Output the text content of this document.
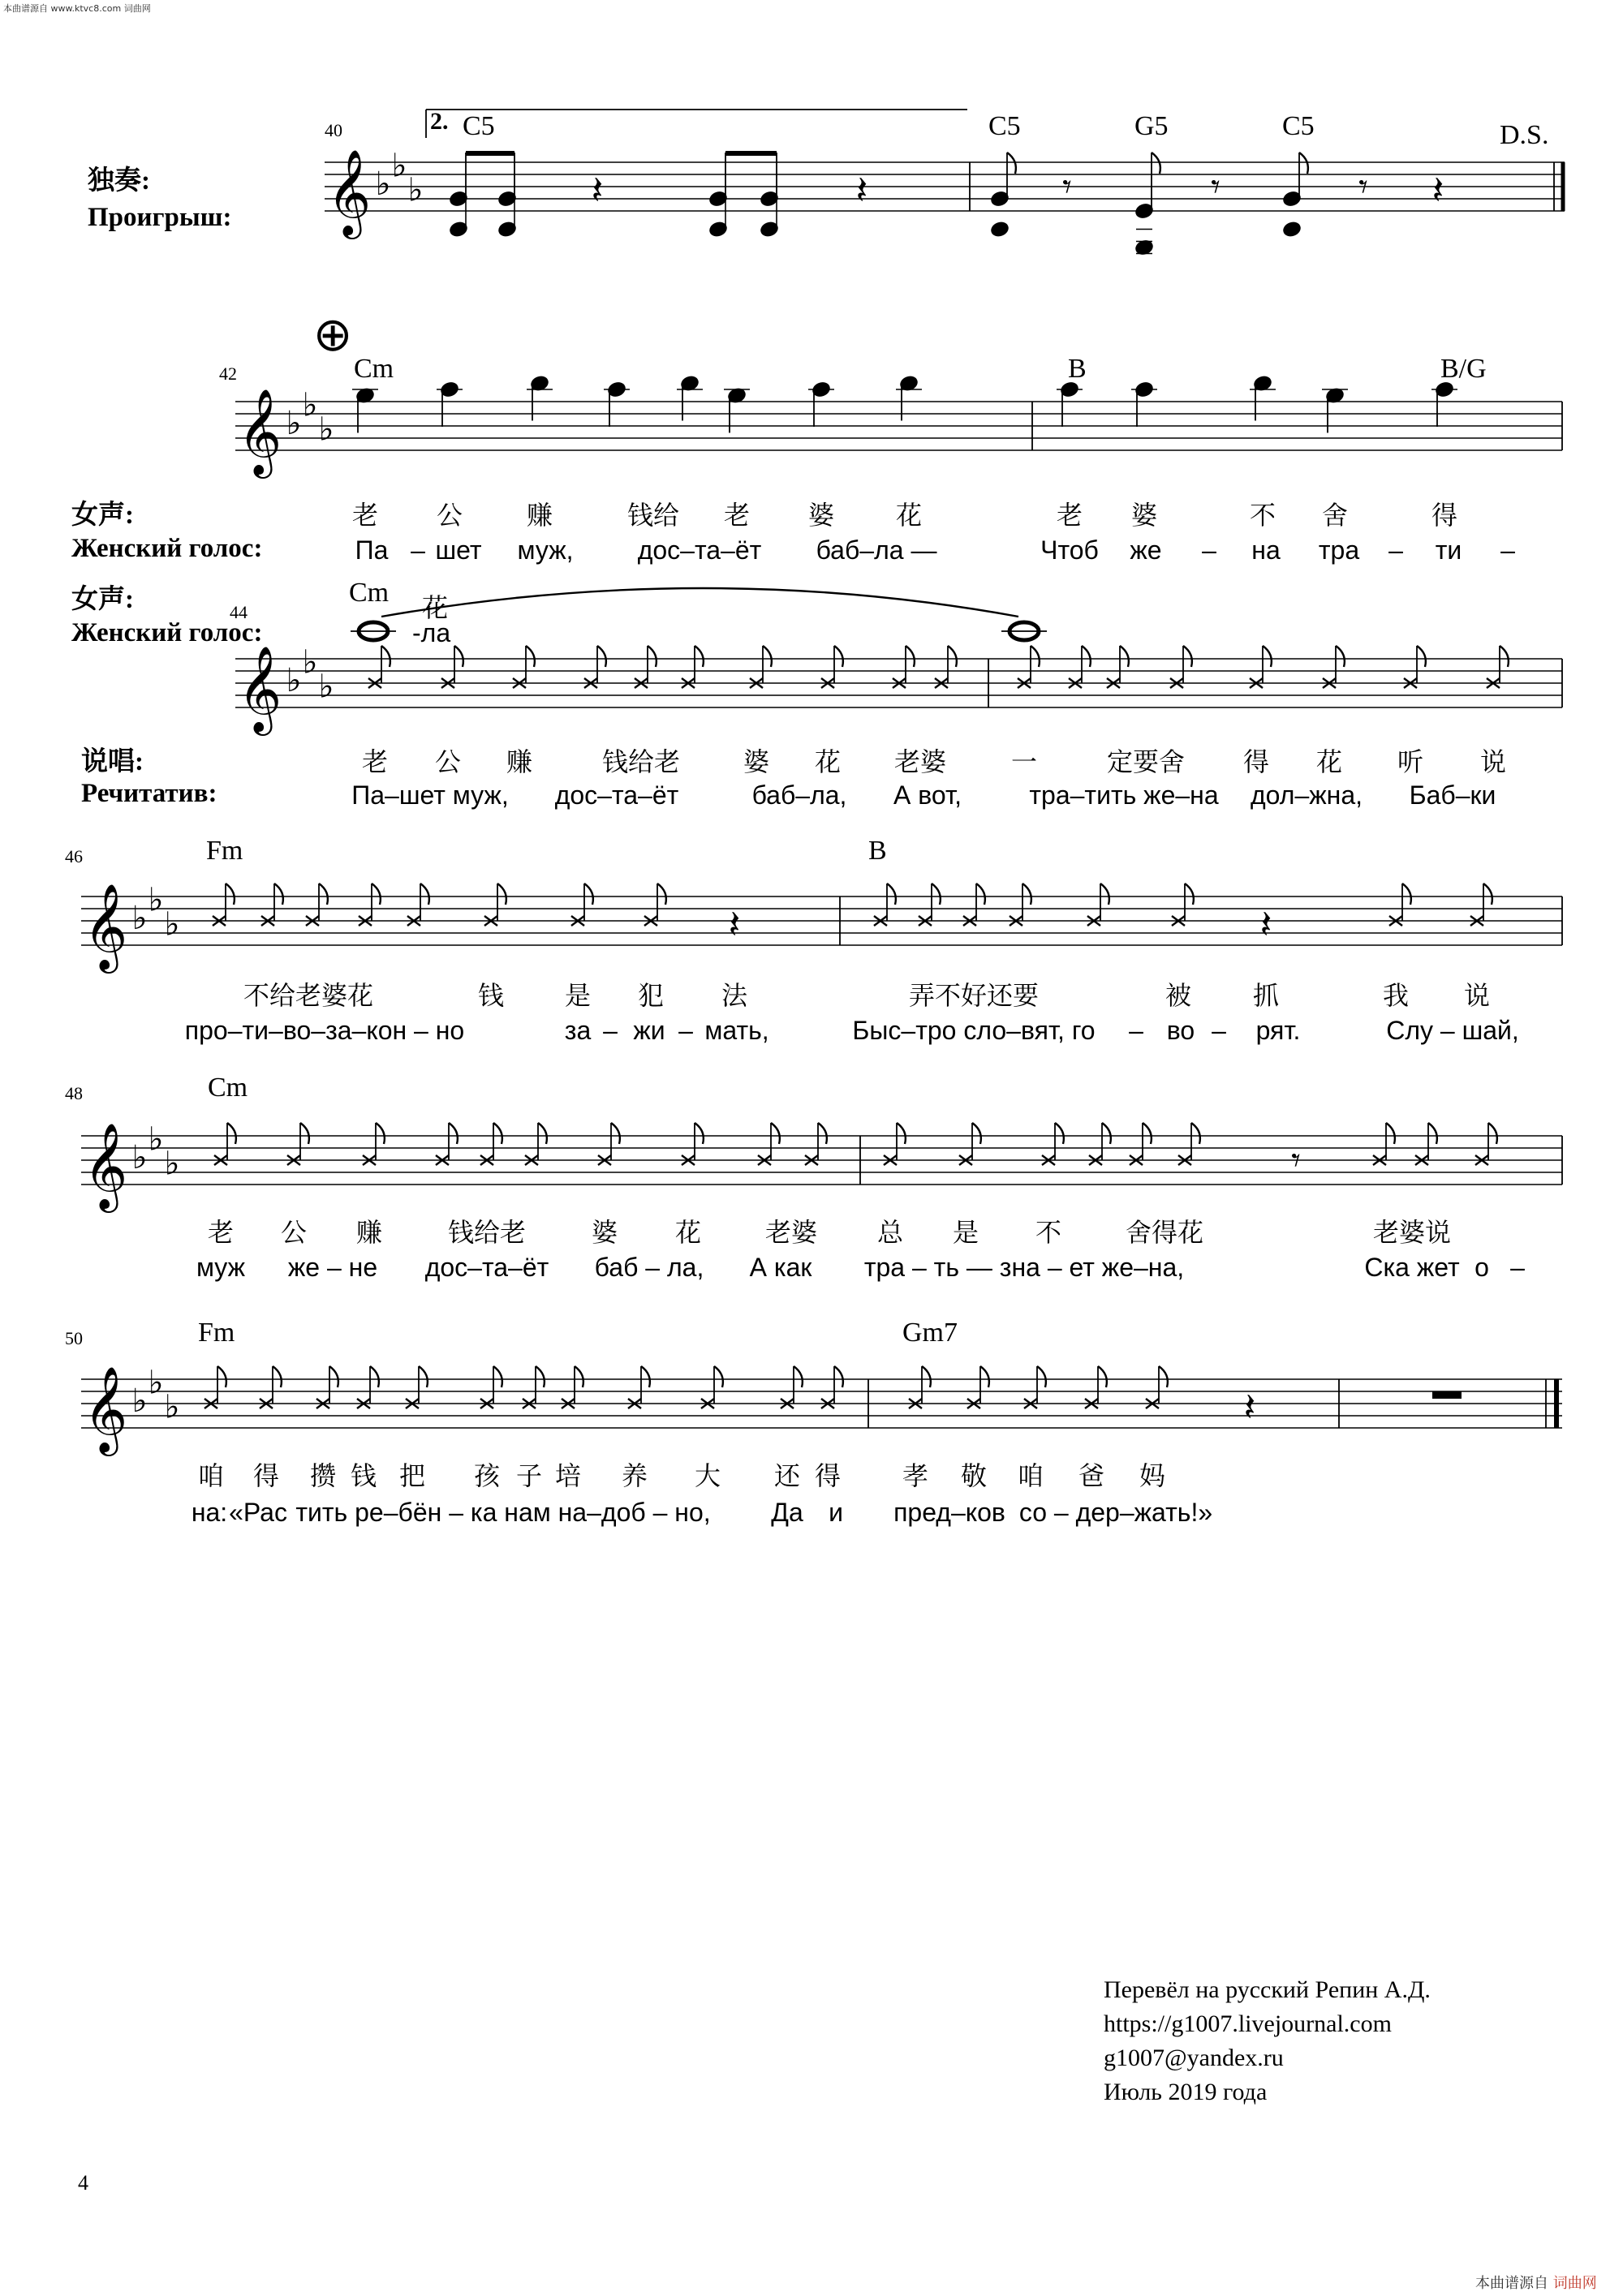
本曲谱源自 www.ktvc8.com 词曲网
本曲谱源自 词曲网
𝄞 ♭ ♭
♭	𝄽	𝄽	𝄾	𝄾	𝄾 𝄽
𝄞 ♭ ♭
♭
⊕
𝄞 ♭ ♭
♭
𝄞 ♭ ♭
♭	𝄽	𝄽
𝄞 ♭ ♭
♭	𝄾
𝄞 ♭ ♭
♭	𝄽
40
独奏:
Проигрыш:
2. C5	C5	G5	C5	D.S.
42	Cm	B	B/G
女声:
Женский голос:
老 公 赚	钱给 老 婆 花	老 婆	不 舍	得
Па – шет муж, дос–та–ёт баб–ла —	Чтоб же – на тра – ти –
女声:
Женский голос:
Cm
44	花
-ла
说唱:
Речитатив:
老 公 赚	钱给老 婆 花 老婆 一	定要舍 得 花 听 说
Па–шет муж, дос–та–ёт	баб–ла, А вот,	тра–тить же–на дол–жна, Баб–ки
46	Fm	B
不给老婆花	钱 是 犯 法	弄不好还要	被 抓	我 说
про–ти–во–за–кон – но	за – жи – мать,	Быс–тро сло–вят, го – во – рят.	Слу – шай,
48	Cm
老 公 赚	钱给老	婆 花 老婆 总 是 不 舍得花	老婆说
муж же – не дос–та–ёт баб – ла, А как тра – ть — зна – ет же–на,	Ска жет о –
50	Fm	Gm7
咱 得 攒 钱 把 孩 子 培 养 大 还 得 孝 敬 咱 爸 妈
на: «Рас тить ре–бён – ка нам на–доб – но, Да и пред–ков со – дер–жать!»
Перевёл на русский Репин А.Д.
https://g1007.livejournal.com
g1007@yandex.ru
Июль 2019 года
4
